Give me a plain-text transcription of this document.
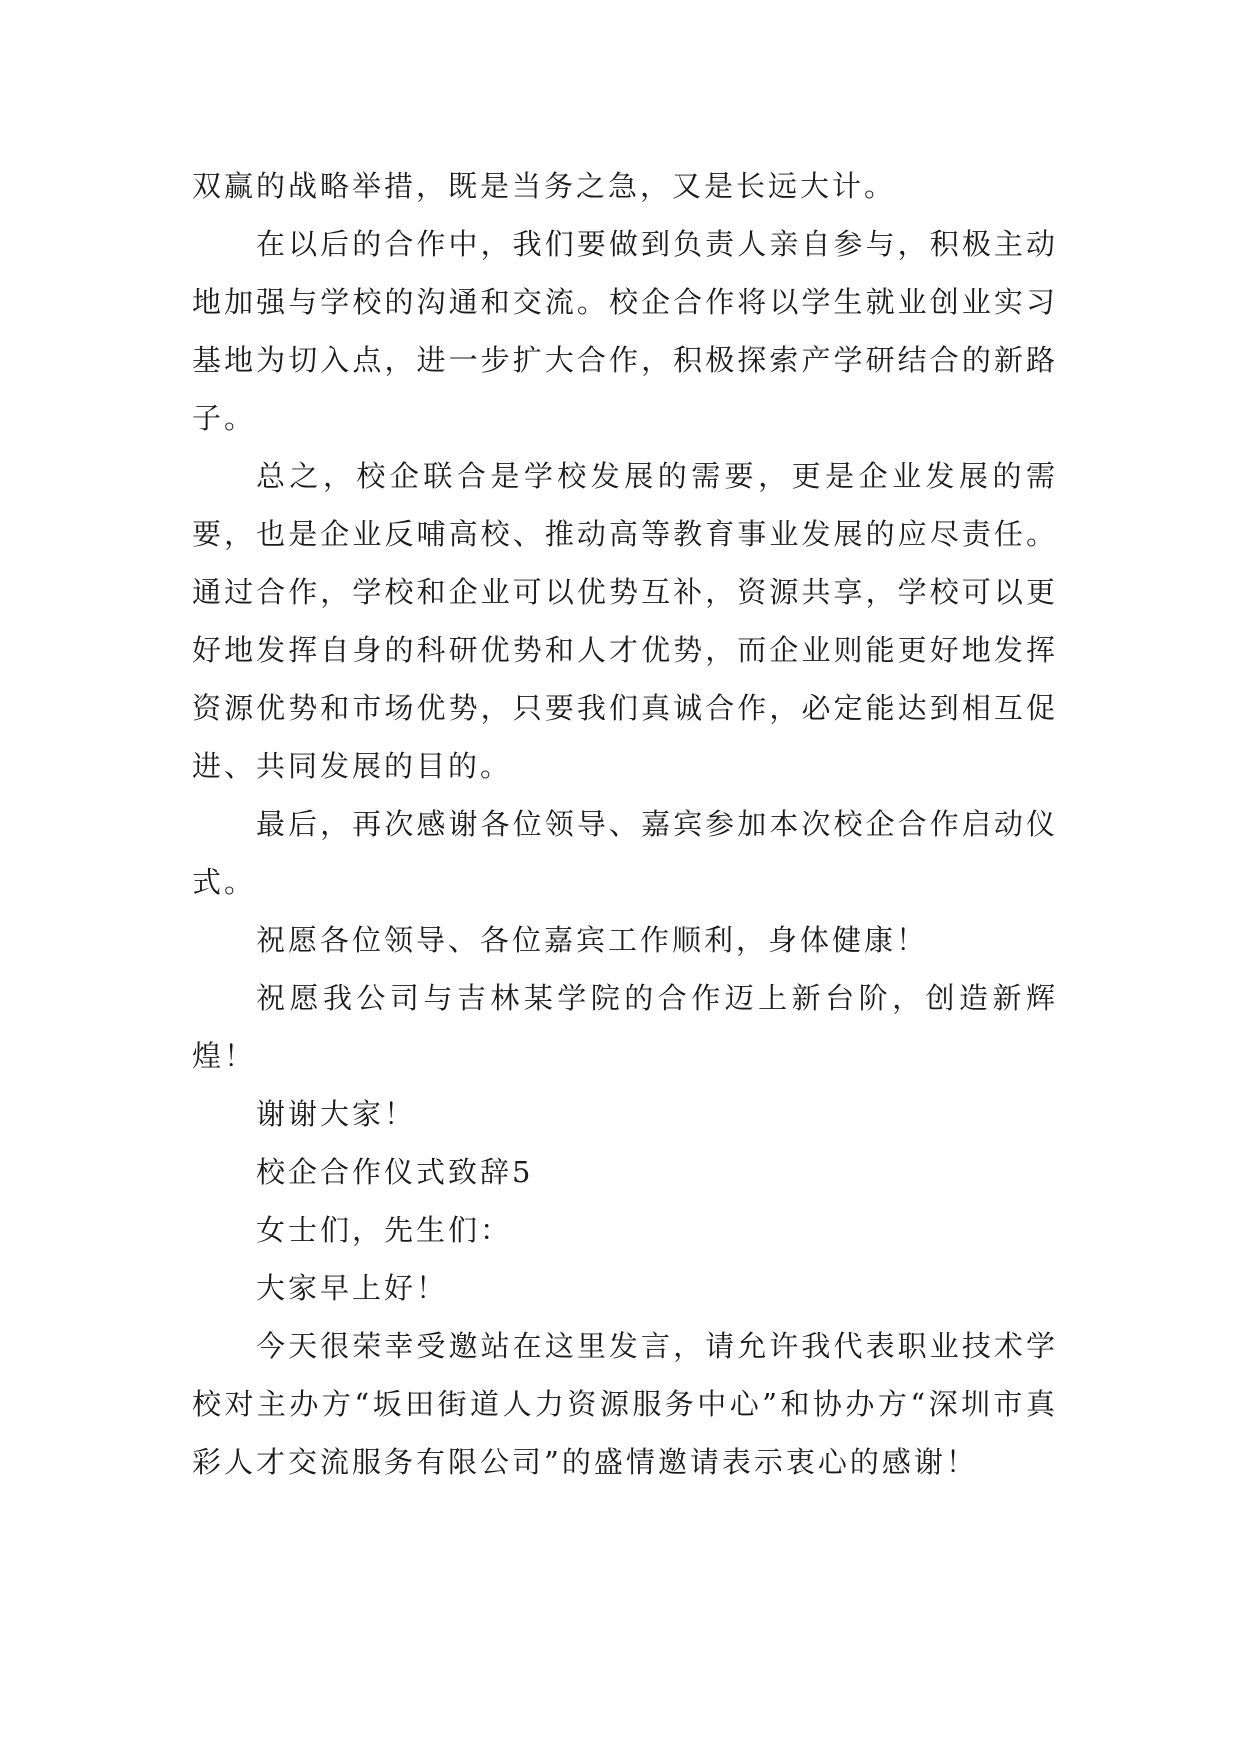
双赢的战略举措，既是当务之急，又是长远大计。

在以后的合作中，我们要做到负责人亲自参与，积极主动地加强与学校的沟通和交流。校企合作将以学生就业创业实习基地为切入点，进一步扩大合作，积极探索产学研结合的新路子。

总之，校企联合是学校发展的需要，更是企业发展的需要，也是企业反哺高校、推动高等教育事业发展的应尽责任。通过合作，学校和企业可以优势互补，资源共享，学校可以更好地发挥自身的科研优势和人才优势，而企业则能更好地发挥资源优势和市场优势，只要我们真诚合作，必定能达到相互促进、共同发展的目的。

最后，再次感谢各位领导、嘉宾参加本次校企合作启动仪式。

祝愿各位领导、各位嘉宾工作顺利，身体健康！

祝愿我公司与吉林某学院的合作迈上新台阶，创造新辉煌！

谢谢大家！

校企合作仪式致辞5

女士们，先生们：

大家早上好！

今天很荣幸受邀站在这里发言，请允许我代表职业技术学校对主办方“坂田街道人力资源服务中心”和协办方“深圳市真彩人才交流服务有限公司”的盛情邀请表示衷心的感谢！
